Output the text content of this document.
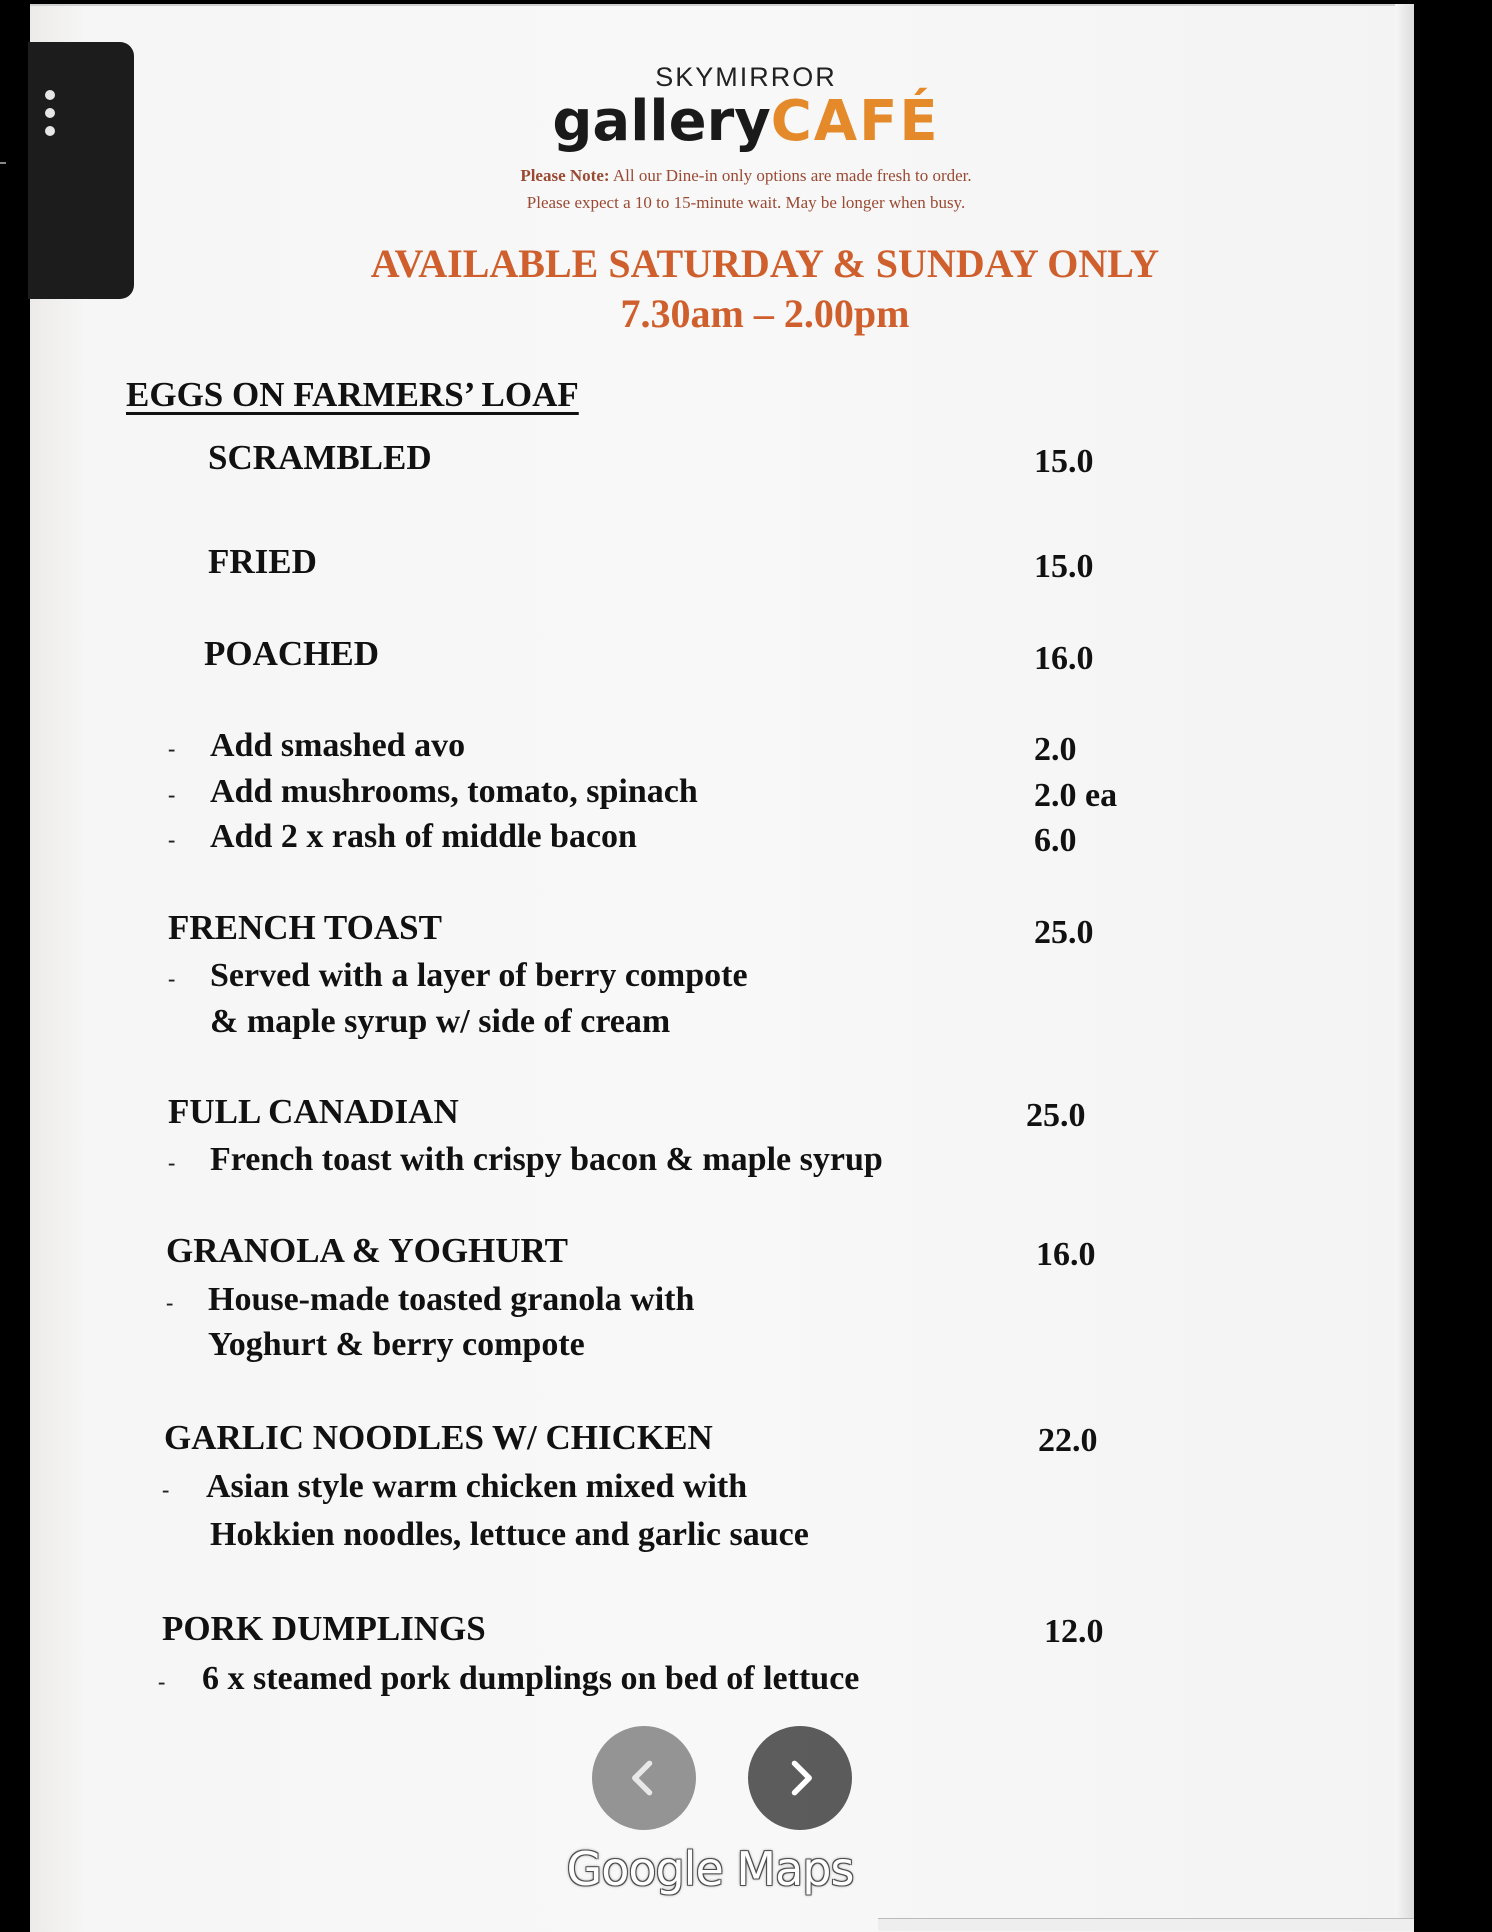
SKYMIRROR
galleryCAFÉ
Please Note: All our Dine-in only options are made fresh to order.
Please expect a 10 to 15-minute wait. May be longer when busy.
AVAILABLE SATURDAY & SUNDAY ONLY
7.30am – 2.00pm
EGGS ON FARMERS’ LOAF
SCRAMBLED	15.0
FRIED	15.0
POACHED	16.0
- Add smashed avo	2.0
- Add mushrooms, tomato, spinach	2.0 ea
- Add 2 x rash of middle bacon	6.0
FRENCH TOAST	25.0
- Served with a layer of berry compote
& maple syrup w/ side of cream
FULL CANADIAN	25.0
- French toast with crispy bacon & maple syrup
GRANOLA & YOGHURT	16.0
- House-made toasted granola with
Yoghurt & berry compote
GARLIC NOODLES W/ CHICKEN	22.0
- Asian style warm chicken mixed with
Hokkien noodles, lettuce and garlic sauce
PORK DUMPLINGS	12.0
- 6 x steamed pork dumplings on bed of lettuce
Google Maps
